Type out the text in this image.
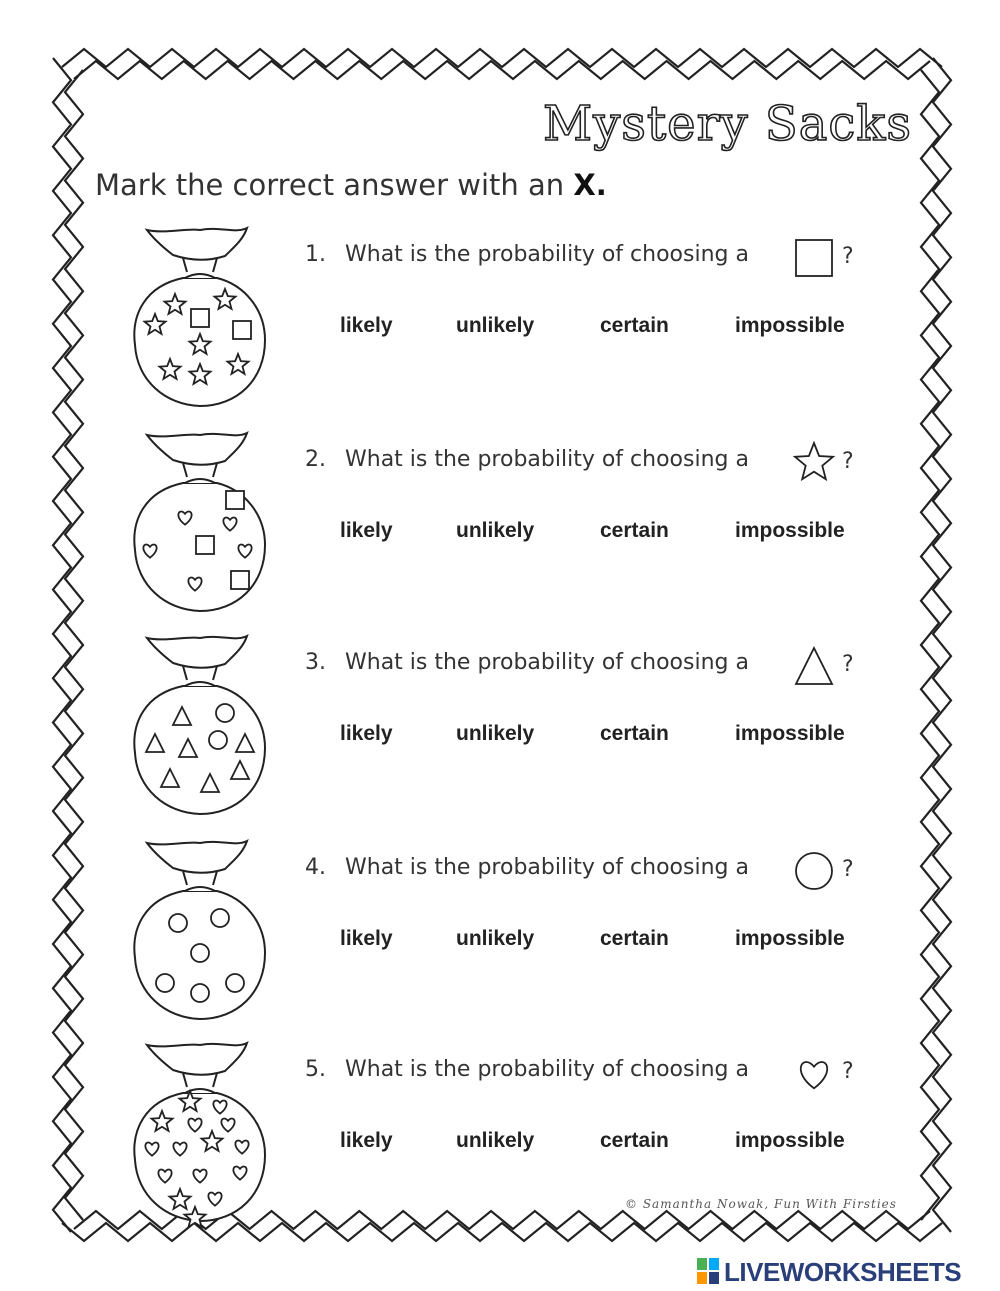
Mystery Sacks
Mark the correct answer with an X.
1. What is the probability of choosing a	?
likely	unlikely	certain	impossible
2. What is the probability of choosing a	?
likely	unlikely	certain	impossible
3. What is the probability of choosing a	?
likely	unlikely	certain	impossible
4. What is the probability of choosing a	?
likely	unlikely	certain	impossible
5. What is the probability of choosing a	?
likely	unlikely	certain	impossible
© Samantha Nowak, Fun With Firsties
LIVEWORKSHEETS
